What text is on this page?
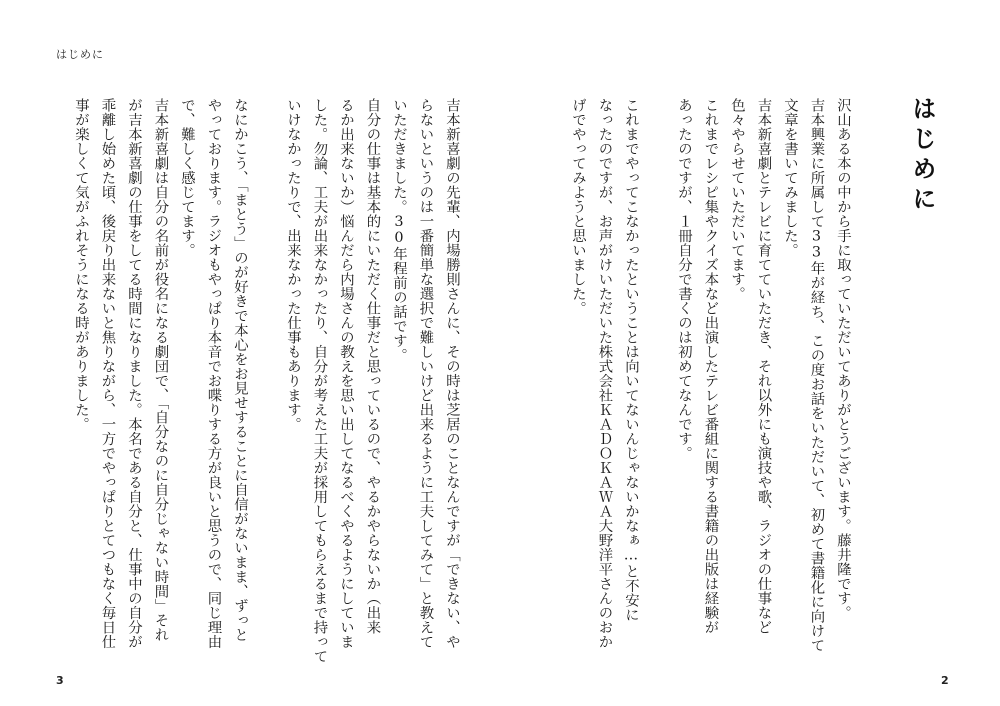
はじめに
はじめに
沢山ある本の中から手に取っていただいてありがとうございます。藤井隆です。
吉本興業に所属して33年が経ち、この度お話をいただいて、初めて書籍化に向けて
文章を書いてみました。
吉本新喜劇とテレビに育てていただき、それ以外にも演技や歌、ラジオの仕事など
色々やらせていただいてます。
これまでレシピ集やクイズ本など出演したテレビ番組に関する書籍の出版は経験が
あったのですが、１冊自分で書くのは初めてなんです。
これまでやってこなかったということは向いてないんじゃないかなぁ…と不安に
なったのですが、お声がけいただいた株式会社ＫＡＤＯＫＡＷＡ大野洋平さんのおか
げでやってみようと思いました。
吉本新喜劇の先輩、内場勝則さんに、その時は芝居のことなんですが「できない、や
らないというのは一番簡単な選択で難しいけど出来るように工夫してみて」と教えて
いただきました。30年程前の話です。
自分の仕事は基本的にいただく仕事だと思っているので、やるかやらないか（出来
るか出来ないか）悩んだら内場さんの教えを思い出してなるべくやるようにしていま
した。勿論、工夫が出来なかったり、自分が考えた工夫が採用してもらえるまで持って
いけなかったりで、出来なかった仕事もあります。
なにかこう、「まとう」のが好きで本心をお見せすることに自信がないまま、ずっと
やっております。ラジオもやっぱり本音でお喋りする方が良いと思うので、同じ理由
で、難しく感じてます。
吉本新喜劇は自分の名前が役名になる劇団で、「自分なのに自分じゃない時間」それ
が吉本新喜劇の仕事をしてる時間になりました。本名である自分と、仕事中の自分が
乖離し始めた頃、後戻り出来ないと焦りながら、一方でやっぱりとてつもなく毎日仕
事が楽しくて気がふれそうになる時がありました。
3	2
